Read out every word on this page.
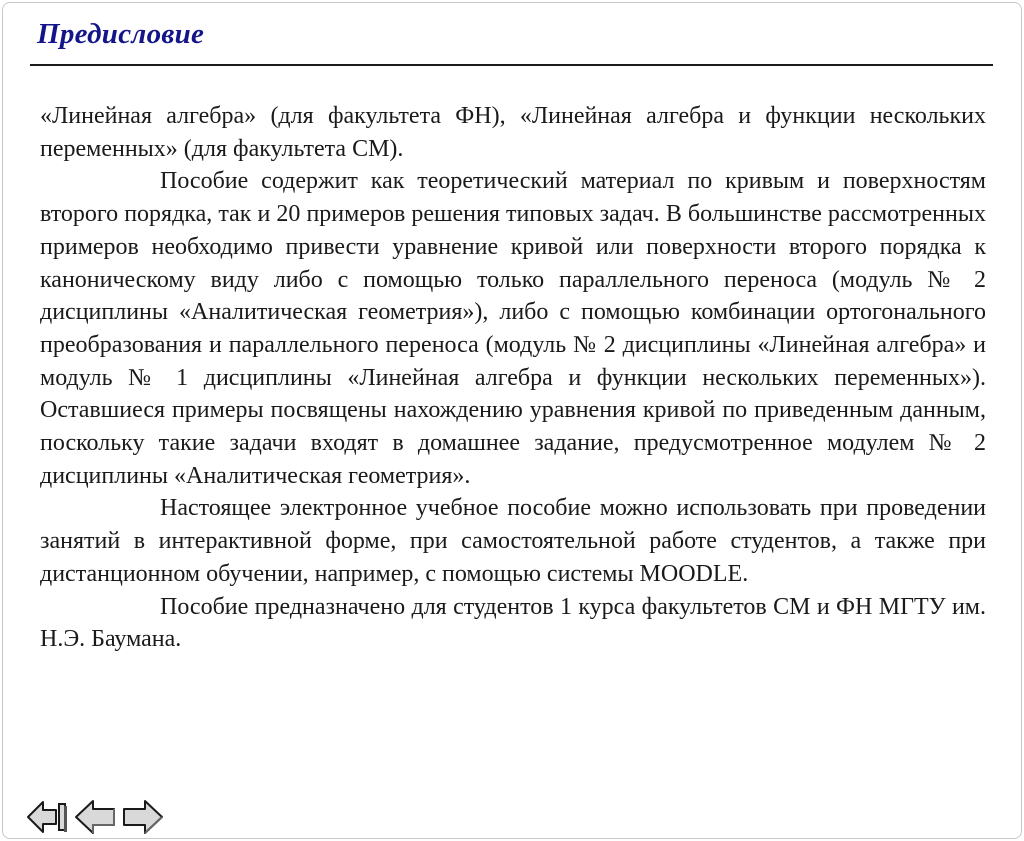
Предисловие

«Линейная алгебра» (для факультета ФН), «Линейная алгебра и функции нескольких переменных» (для факультета СМ).

Пособие содержит как теоретический материал по кривым и поверхностям второго порядка, так и 20 примеров решения типовых задач. В большинстве рассмотренных примеров необходимо привести уравнение кривой или поверхности второго порядка к каноническому виду либо с помощью только параллельного переноса (модуль № 2 дисциплины «Аналитическая геометрия»), либо с помощью комбинации ортогонального преобразования и параллельного переноса (модуль № 2 дисциплины «Линейная алгебра» и модуль № 1 дисциплины «Линейная алгебра и функции нескольких переменных»). Оставшиеся примеры посвящены нахождению уравнения кривой по приведенным данным, поскольку такие задачи входят в домашнее задание, предусмотренное модулем № 2 дисциплины «Аналитическая геометрия».

Настоящее электронное учебное пособие можно использовать при проведении занятий в интерактивной форме, при самостоятельной работе студентов, а также при дистанционном обучении, например, с помощью системы MOODLE.

Пособие предназначено для студентов 1 курса факультетов СМ и ФН МГТУ им. Н.Э. Баумана.
